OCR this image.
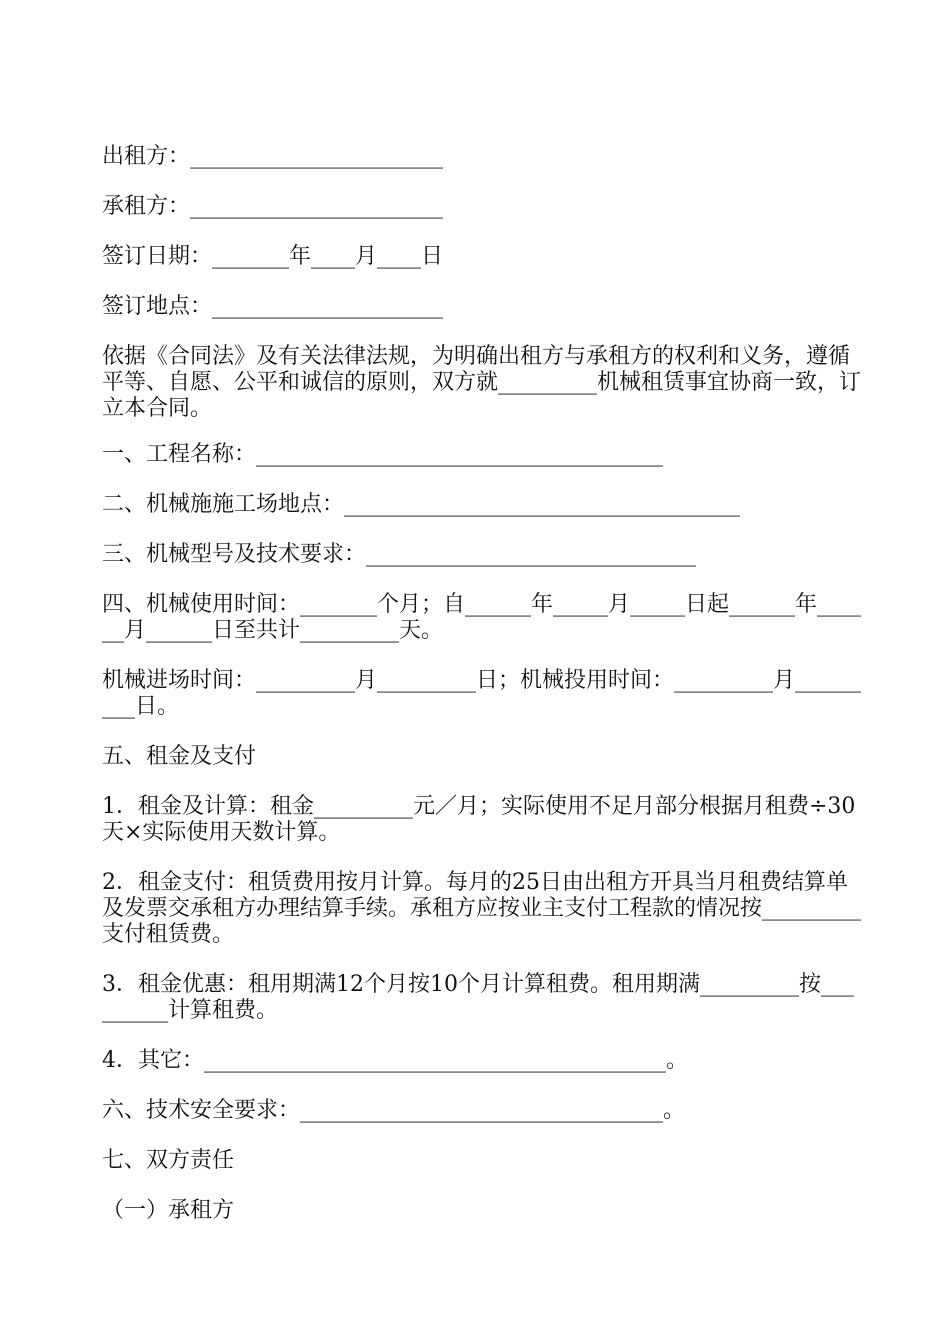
出租方：_______________________

承租方：_______________________

签订日期：_______年____月____日

签订地点：_____________________

依据《合同法》及有关法律法规，为明确出租方与承租方的权利和义务，遵循平等、自愿、公平和诚信的原则，双方就_________机械租赁事宜协商一致，订立本合同。

一、工程名称：_____________________________________

二、机械施施工场地点：____________________________________

三、机械型号及技术要求：______________________________

四、机械使用时间：_______个月；自______年_____月_____日起______年______月______日至共计_________天。

机械进场时间：_________月_________日；机械投用时间：_________月_________日。

五、租金及支付

1．租金及计算：租金_________元／月；实际使用不足月部分根据月租费÷30天×实际使用天数计算。

2．租金支付：租赁费用按月计算。每月的25日由出租方开具当月租费结算单及发票交承租方办理结算手续。承租方应按业主支付工程款的情况按_________支付租赁费。

3．租金优惠：租用期满12个月按10个月计算租费。租用期满_________按_________计算租费。

4．其它：__________________________________________。

六、技术安全要求：_________________________________。

七、双方责任

（一）承租方
